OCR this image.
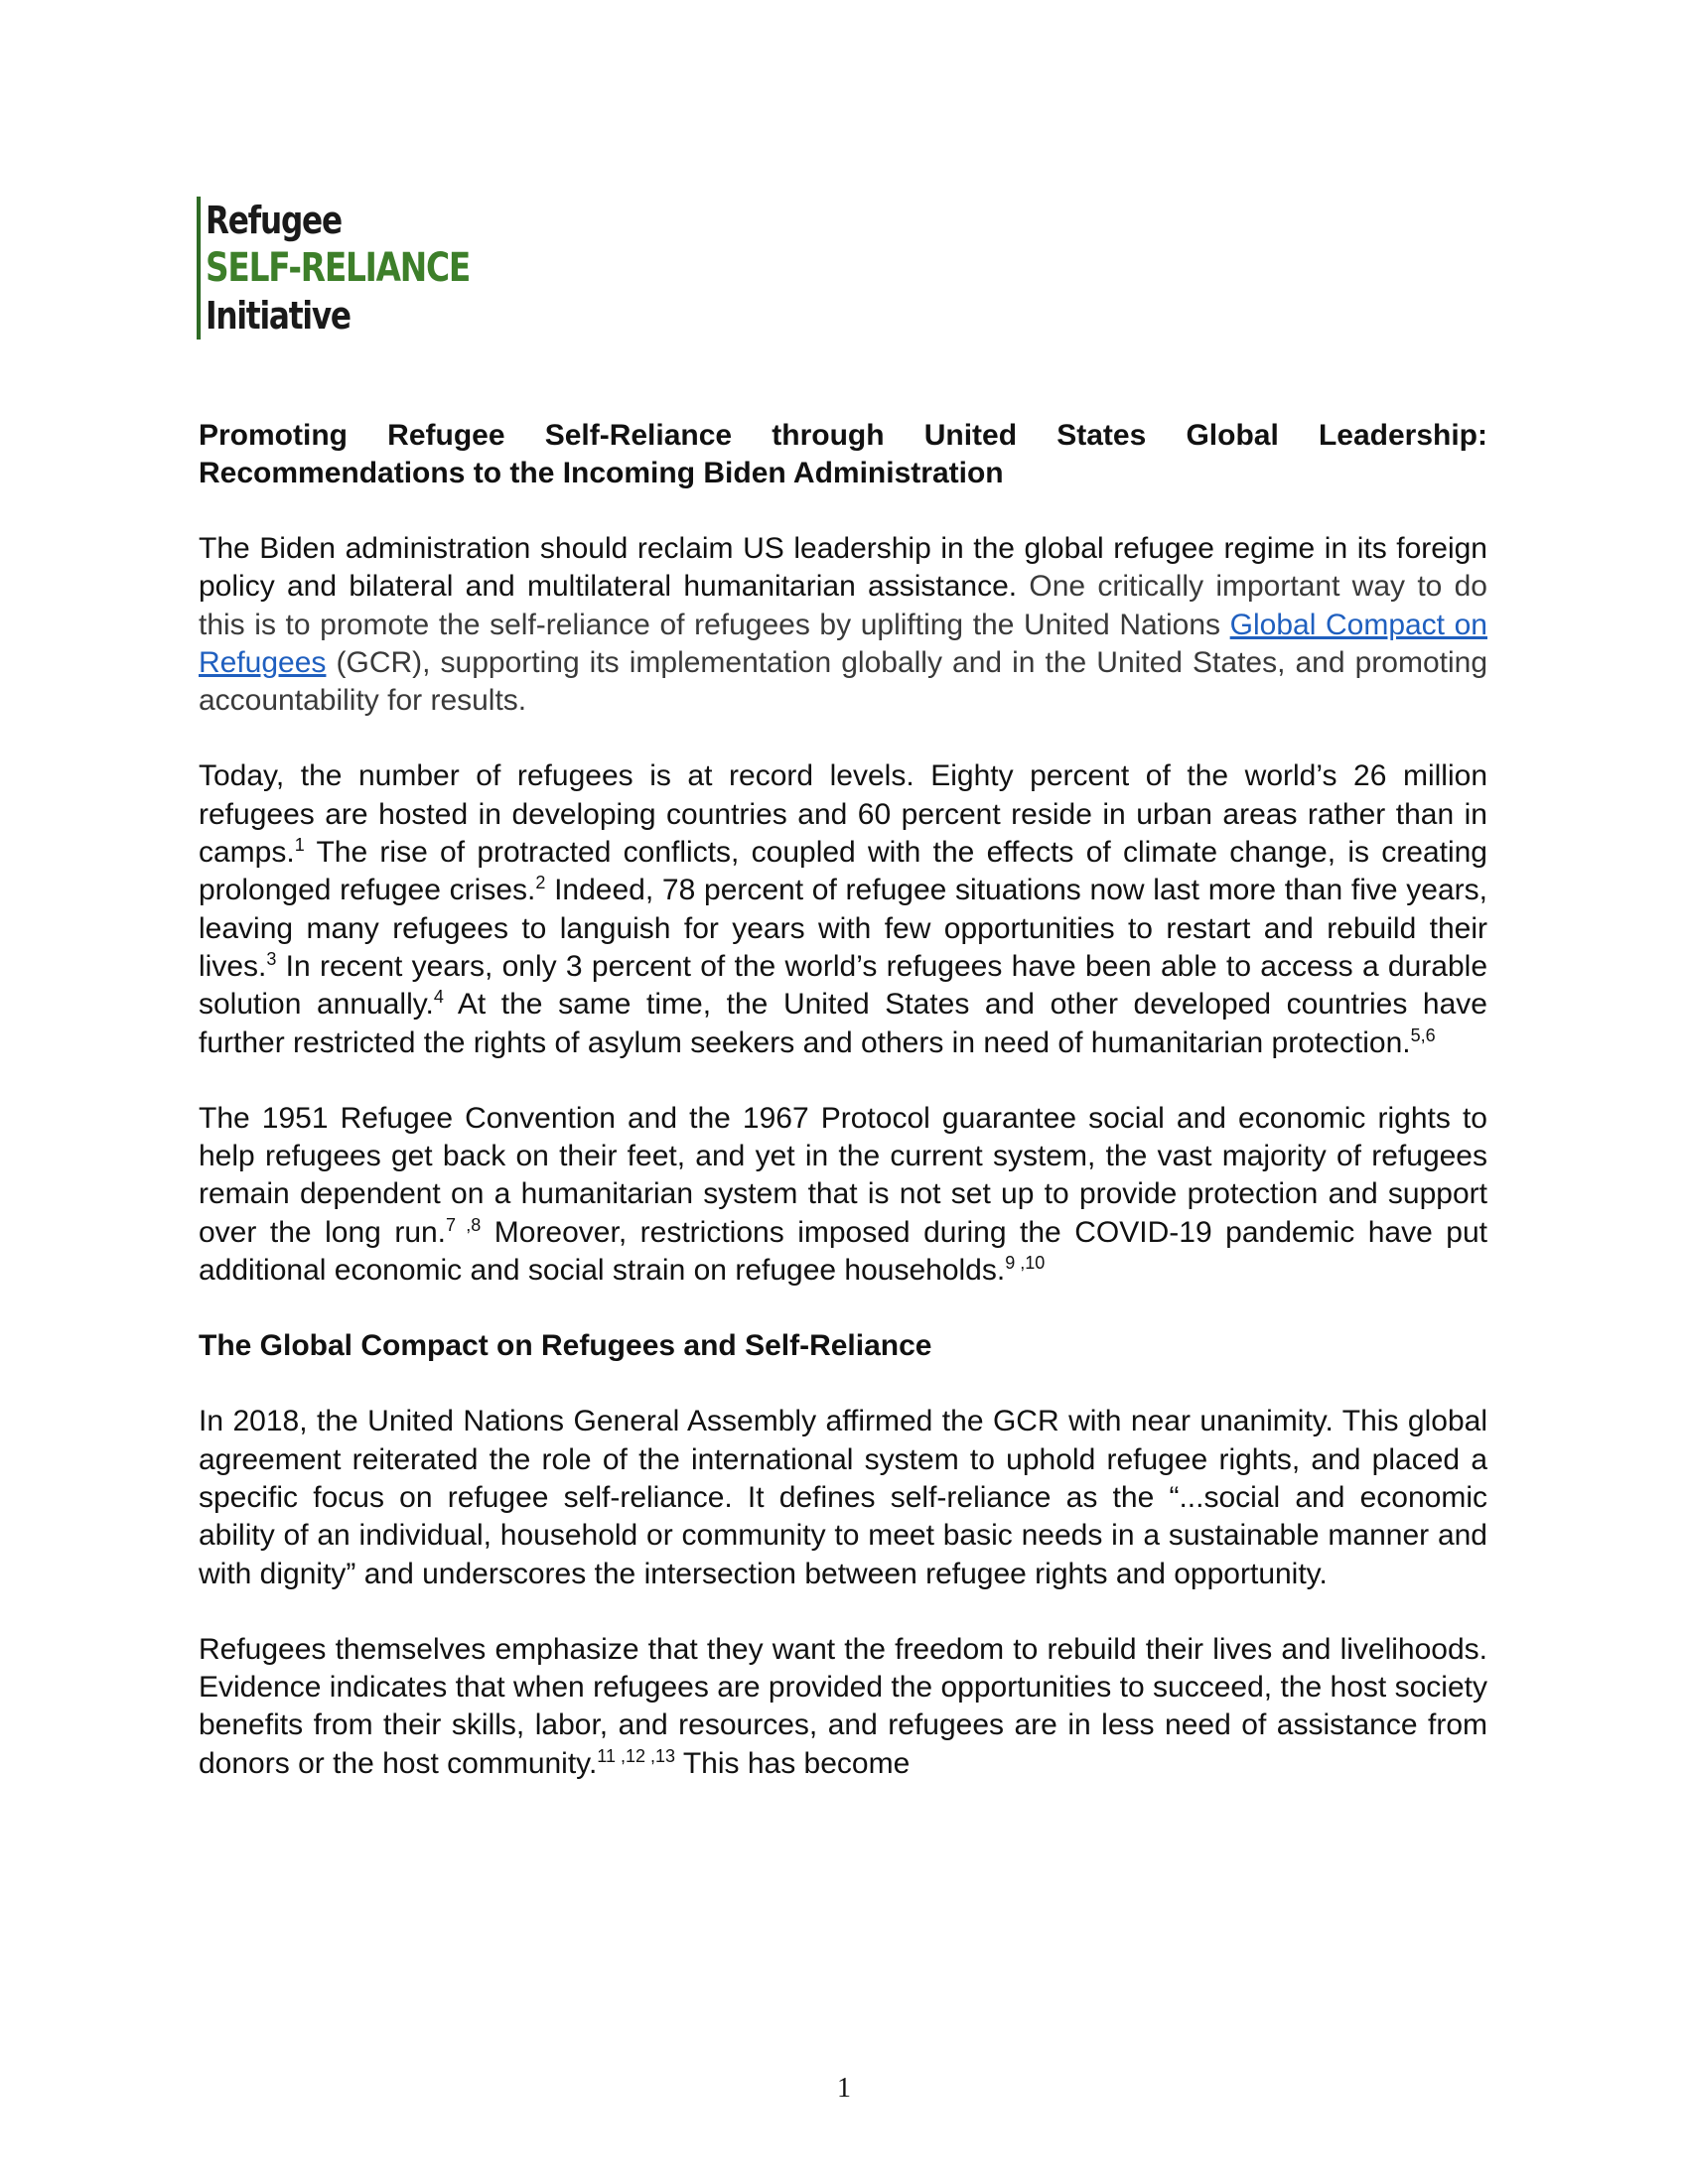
Refugee
SELF-RELIANCE
Initiative
Promoting Refugee Self-Reliance through United States Global Leadership:
Recommendations to the Incoming Biden Administration

The Biden administration should reclaim US leadership in the global refugee regime in its foreign policy and bilateral and multilateral humanitarian assistance. One critically important way to do this is to promote the self-reliance of refugees by uplifting the United Nations Global Compact on Refugees (GCR), supporting its implementation globally and in the United States, and promoting accountability for results.

Today, the number of refugees is at record levels. Eighty percent of the world’s 26 million refugees are hosted in developing countries and 60 percent reside in urban areas rather than in camps.$^1$ The rise of protracted conflicts, coupled with the effects of climate change, is creating prolonged refugee crises.$^2$ Indeed, 78 percent of refugee situations now last more than five years, leaving many refugees to languish for years with few opportunities to restart and rebuild their lives.$^3$ In recent years, only 3 percent of the world’s refugees have been able to access a durable solution annually.$^4$ At the same time, the United States and other developed countries have further restricted the rights of asylum seekers and others in need of humanitarian protection.$^{5,6}$

The 1951 Refugee Convention and the 1967 Protocol guarantee social and economic rights to help refugees get back on their feet, and yet in the current system, the vast majority of refugees remain dependent on a humanitarian system that is not set up to provide protection and support over the long run.$^{7 ,8}$ Moreover, restrictions imposed during the COVID-19 pandemic have put additional economic and social strain on refugee households.$^{9 ,10}$

The Global Compact on Refugees and Self-Reliance

In 2018, the United Nations General Assembly affirmed the GCR with near unanimity. This global agreement reiterated the role of the international system to uphold refugee rights, and placed a specific focus on refugee self-reliance. It defines self-reliance as the “...social and economic ability of an individual, household or community to meet basic needs in a sustainable manner and with dignity” and underscores the intersection between refugee rights and opportunity.

Refugees themselves emphasize that they want the freedom to rebuild their lives and livelihoods. Evidence indicates that when refugees are provided the opportunities to succeed, the host society benefits from their skills, labor, and resources, and refugees are in less need of assistance from donors or the host community.$^{11 ,12 ,13}$ This has become

1
